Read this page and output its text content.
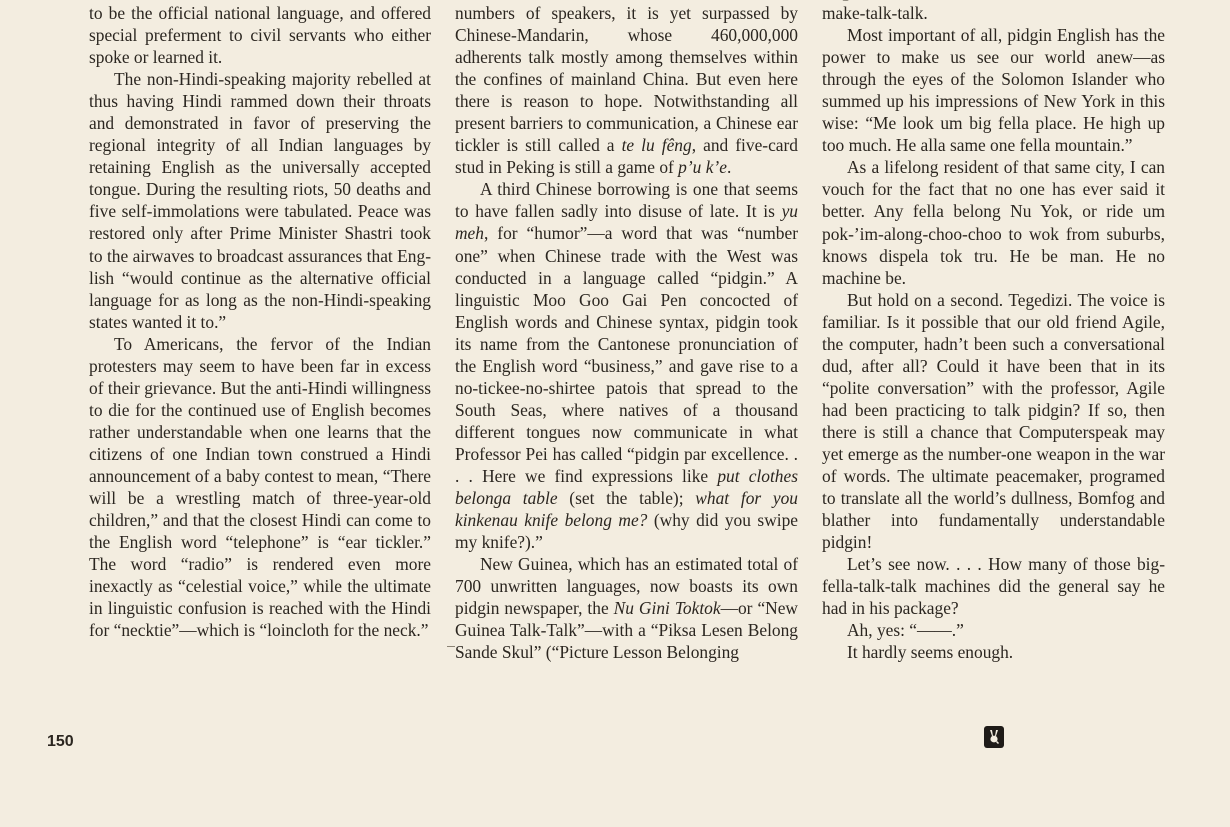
to be the official national language, and offered special preferment to civil servants who either spoke or learned it.

The non-Hindi-speaking majority rebelled at thus having Hindi rammed down their throats and demonstrated in favor of preserving the regional integrity of all Indian languages by retaining English as the universally accepted tongue. During the resulting riots, 50 deaths and five self-immolations were tabulated. Peace was restored only after Prime Minister Shastri took to the airwaves to broadcast assurances that English “would continue as the alternative official language for as long as the non-Hindi-speaking states wanted it to.”

To Americans, the fervor of the Indian protesters may seem to have been far in excess of their grievance. But the anti-Hindi willingness to die for the continued use of English becomes rather understandable when one learns that the citizens of one Indian town construed a Hindi announcement of a baby contest to mean, “There will be a wrestling match of three-year-old children,” and that the closest Hindi can come to the English word “telephone” is “ear tickler.” The word “radio” is rendered even more inexactly as “celestial voice,” while the ultimate in linguistic confusion is reached with the Hindi for “necktie”—which is “loincloth for the neck.”

numbers of speakers, it is yet surpassed by Chinese-Mandarin, whose 460,000,000 adherents talk mostly among themselves within the confines of mainland China. But even here there is reason to hope. Notwithstanding all present barriers to communication, a Chinese ear tickler is still called a te lu fêng, and five-card stud in Peking is still a game of p’u k’e.

A third Chinese borrowing is one that seems to have fallen sadly into disuse of late. It is yu meh, for “humor”—a word that was “number one” when Chinese trade with the West was conducted in a language called “pidgin.” A linguistic Moo Goo Gai Pen concocted of English words and Chinese syntax, pidgin took its name from the Cantonese pronunciation of the English word “business,” and gave rise to a no-tickee-no-shirtee patois that spread to the South Seas, where natives of a thousand different tongues now communicate in what Professor Pei has called “pidgin par excellence. . . . Here we find expressions like put clothes belonga table (set the table); what for you kinkenau knife belong me? (why did you swipe my knife?).”

New Guinea, which has an estimated total of 700 unwritten languages, now boasts its own pidgin newspaper, the Nu Gini Toktok—or “New Guinea Talk-Talk”—with a “Piksa Lesen Belong Sande Skul” (“Picture Lesson Belonging

make-talk-talk.

Most important of all, pidgin English has the power to make us see our world anew—as through the eyes of the Solomon Islander who summed up his impressions of New York in this wise: “Me look um big fella place. He high up too much. He alla same one fella mountain.”

As a lifelong resident of that same city, I can vouch for the fact that no one has ever said it better. Any fella belong Nu Yok, or ride um pok-’im-along-choo-choo to wok from suburbs, knows dispela tok tru. He be man. He no machine be.

But hold on a second. Tegedizi. The voice is familiar. Is it possible that our old friend Agile, the computer, hadn’t been such a conversational dud, after all? Could it have been that in its “polite conversation” with the professor, Agile had been practicing to talk pidgin? If so, then there is still a chance that Computerspeak may yet emerge as the number-one weapon in the war of words. The ultimate peacemaker, programed to translate all the world’s dullness, Bomfog and blather into fundamentally understandable pidgin!

Let’s see now. . . . How many of those big-fella-talk-talk machines did the general say he had in his package?

Ah, yes: “——.”

It hardly seems enough.

150
